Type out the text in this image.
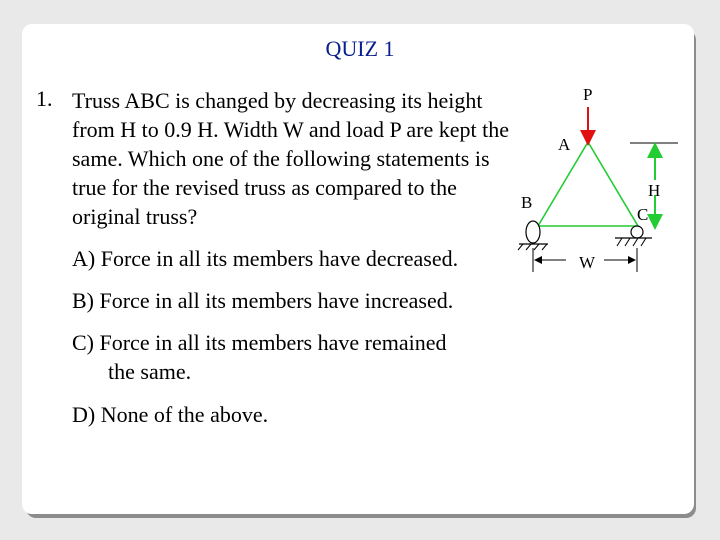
QUIZ 1
1. Truss ABC is changed by decreasing its height from H to 0.9 H. Width W and load P are kept the same. Which one of the following statements is true for the revised truss as compared to the original truss?
A) Force in all its members have decreased.
B) Force in all its members have increased.
C) Force in all its members have remained
the same.
D) None of the above.
P
A
B
H
C
W
